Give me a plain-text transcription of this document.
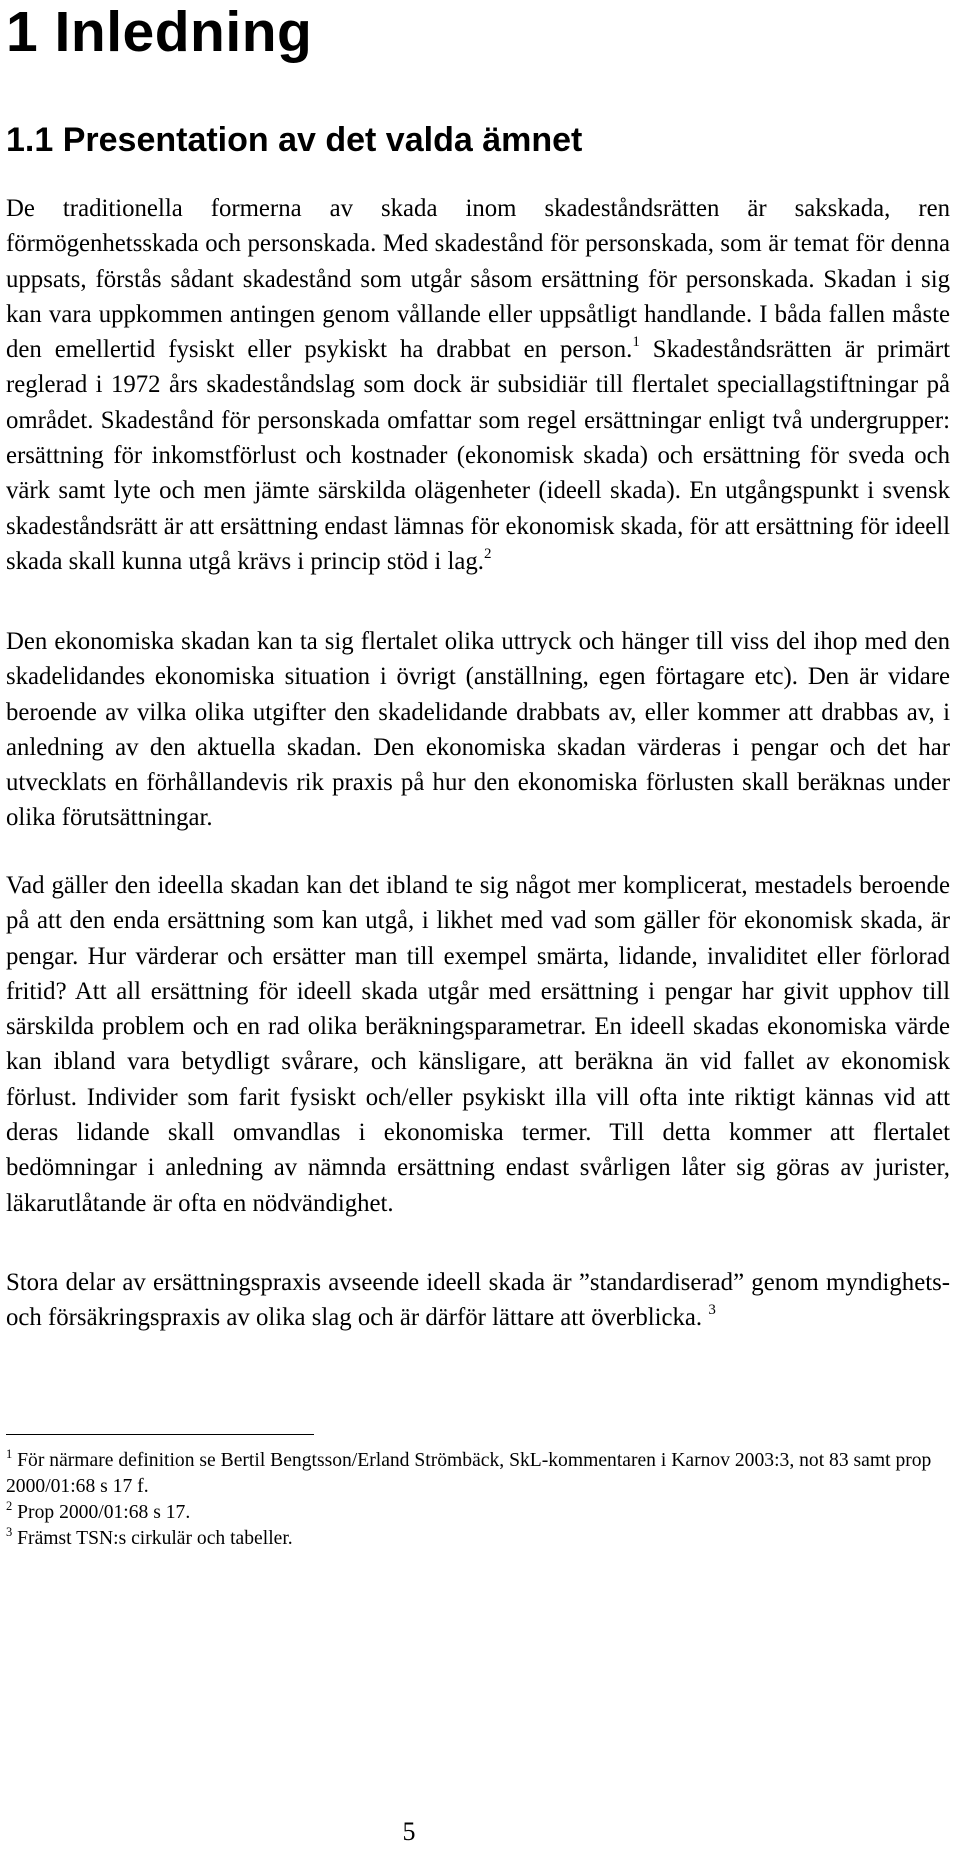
1 Inledning
1.1 Presentation av det valda ämnet

De traditionella formerna av skada inom skadeståndsrätten är sakskada, ren förmögenhetsskada och personskada. Med skadestånd för personskada, som är temat för denna uppsats, förstås sådant skadestånd som utgår såsom ersättning för personskada. Skadan i sig kan vara uppkommen antingen genom vållande eller uppsåtligt handlande. I båda fallen måste den emellertid fysiskt eller psykiskt ha drabbat en person.$^1$ Skadeståndsrätten är primärt reglerad i 1972 års skadeståndslag som dock är subsidiär till flertalet speciallagstiftningar på området. Skadestånd för personskada omfattar som regel ersättningar enligt två undergrupper: ersättning för inkomstförlust och kostnader (ekonomisk skada) och ersättning för sveda och värk samt lyte och men jämte särskilda olägenheter (ideell skada). En utgångspunkt i svensk skadeståndsrätt är att ersättning endast lämnas för ekonomisk skada, för att ersättning för ideell skada skall kunna utgå krävs i princip stöd i lag.$^2$

Den ekonomiska skadan kan ta sig flertalet olika uttryck och hänger till viss del ihop med den skadelidandes ekonomiska situation i övrigt (anställning, egen förtagare etc). Den är vidare beroende av vilka olika utgifter den skadelidande drabbats av, eller kommer att drabbas av, i anledning av den aktuella skadan. Den ekonomiska skadan värderas i pengar och det har utvecklats en förhållandevis rik praxis på hur den ekonomiska förlusten skall beräknas under olika förutsättningar.

Vad gäller den ideella skadan kan det ibland te sig något mer komplicerat, mestadels beroende på att den enda ersättning som kan utgå, i likhet med vad som gäller för ekonomisk skada, är pengar. Hur värderar och ersätter man till exempel smärta, lidande, invaliditet eller förlorad fritid? Att all ersättning för ideell skada utgår med ersättning i pengar har givit upphov till särskilda problem och en rad olika beräkningsparametrar. En ideell skadas ekonomiska värde kan ibland vara betydligt svårare, och känsligare, att beräkna än vid fallet av ekonomisk förlust. Individer som farit fysiskt och/eller psykiskt illa vill ofta inte riktigt kännas vid att deras lidande skall omvandlas i ekonomiska termer. Till detta kommer att flertalet bedömningar i anledning av nämnda ersättning endast svårligen låter sig göras av jurister, läkarutlåtande är ofta en nödvändighet.

Stora delar av ersättningspraxis avseende ideell skada är ”standardiserad” genom myndighets- och försäkringspraxis av olika slag och är därför lättare att överblicka. $^3$

$^1$ För närmare definition se Bertil Bengtsson/Erland Strömbäck, SkL-kommentaren i Karnov 2003:3, not 83 samt prop 2000/01:68 s 17 f.

$^2$ Prop 2000/01:68 s 17.

$^3$ Främst TSN:s cirkulär och tabeller.

5
